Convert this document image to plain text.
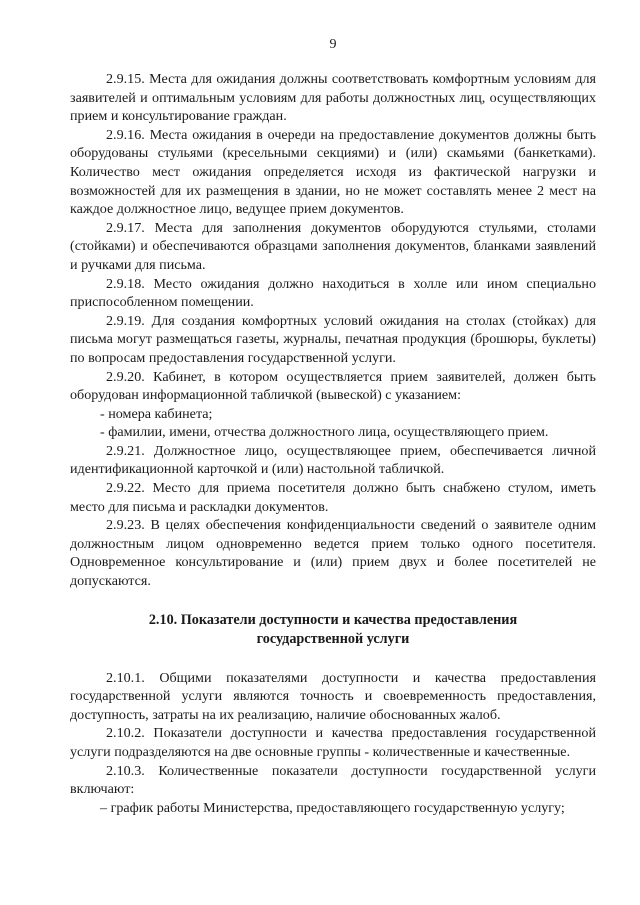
9

2.9.15. Места для ожидания должны соответствовать комфортным условиям для заявителей и оптимальным условиям для работы должностных лиц, осуществляющих прием и консультирование граждан.

2.9.16. Места ожидания в очереди на предоставление документов должны быть оборудованы стульями (кресельными секциями) и (или) скамьями (банкетками). Количество мест ожидания определяется исходя из фактической нагрузки и возможностей для их размещения в здании, но не может составлять менее 2 мест на каждое должностное лицо, ведущее прием документов.

2.9.17. Места для заполнения документов оборудуются стульями, столами (стойками) и обеспечиваются образцами заполнения документов, бланками заявлений и ручками для письма.

2.9.18. Место ожидания должно находиться в холле или ином специально приспособленном помещении.

2.9.19. Для создания комфортных условий ожидания на столах (стойках) для письма могут размещаться газеты, журналы, печатная продукция (брошюры, буклеты) по вопросам предоставления государственной услуги.

2.9.20. Кабинет, в котором осуществляется прием заявителей, должен быть оборудован информационной табличкой (вывеской) с указанием:

- номера кабинета;

- фамилии, имени, отчества должностного лица, осуществляющего прием.

2.9.21. Должностное лицо, осуществляющее прием, обеспечивается личной идентификационной карточкой и (или) настольной табличкой.

2.9.22. Место для приема посетителя должно быть снабжено стулом, иметь место для письма и раскладки документов.

2.9.23. В целях обеспечения конфиденциальности сведений о заявителе одним должностным лицом одновременно ведется прием только одного посетителя. Одновременное консультирование и (или) прием двух и более посетителей не допускаются.

2.10. Показатели доступности и качества предоставления
государственной услуги

2.10.1. Общими показателями доступности и качества предоставления государственной услуги являются точность и своевременность предоставления, доступность, затраты на их реализацию, наличие обоснованных жалоб.

2.10.2. Показатели доступности и качества предоставления государственной услуги подразделяются на две основные группы - количественные и качественные.

2.10.3. Количественные показатели доступности государственной услуги включают:

– график работы Министерства, предоставляющего государственную услугу;
